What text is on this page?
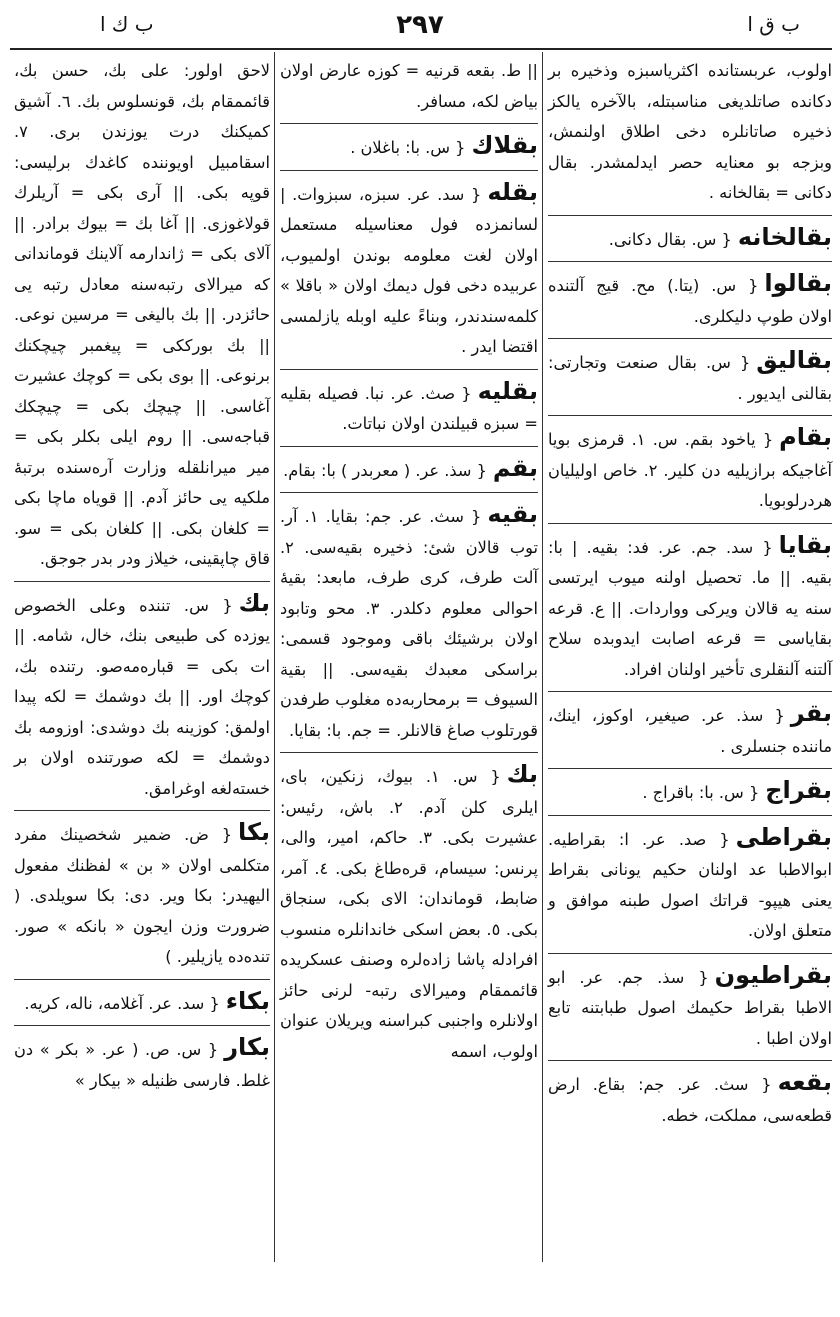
ب ق ا
٢٩٧
ب ك ا
اولوب، عربستانده اكثریاسبزه وذخیره بر دكانده صاتلدیغی مناسبتله، بالآخره یالكز ذخیره صاتانلره دخی اطلاق اولنمش، وبزجه بو معنایه حصر ایدلمشدر. بقال دكانی = بقالخانه .
بقالخانه{ س. بقال دكانی.
بقالوا{ س. (یتا.) مح. قیج آلتنده اولان طوپ دلیكلری.
بقالیق{ س. بقال صنعت وتجارتی: بقالنی ایدیور .
بقام{ یاخود بقم. س. ١. قرمزی بویا آغاجیكه برازیلیه دن كلیر. ٢. خاص اولیلیان هردرلوبویا.
بقایا{ سد. جم. عر. فد: بقیه. | با: بقیه. || ما. تحصیل اولنه میوب ایرتسی سنه یه قالان ویركی وواردات. || ع. قرعه بقایاسی = قرعه اصابت ایدوبده سلاح آلتنه آلنقلری تأخیر اولنان افراد.
بقر{ سذ. عر. صیغیر، اوكوز، اینك، ماننده جنسلری .
بقراج{ س. با: باقراج .
بقراطی{ صد. عر. ا: بقراطیه. ابوالاطبا عد اولنان حكیم یونانی بقراط یعنی هیپو- قراتك اصول طبنه موافق و متعلق اولان.
بقراطیون{ سذ. جم. عر. ابو الاطبا بقراط حكیمك اصول طبابتنه تابع اولان اطبا .
بقعه{ سث. عر. جم: بقاع. ارض قطعه‌سی، مملكت، خطه.
|| ط. بقعه قرنیه = كوزه عارض اولان بیاض لكه، مسافر.
بقلاك{ س. با: باغلان .
بقله{ سد. عر. سبزه، سبزوات. | لسانمزده فول معناسیله مستعمل اولان لغت معلومه بوندن اولمیوب، عربیده دخی فول دیمك اولان « باقلا » كلمه‌سندندر، وبناءً علیه اوبله یازلمسی اقتضا ایدر .
بقلیه{ صث. عر. نبا. فصیله بقلیه = سبزه قبیلندن اولان نباتات.
بقم{ سذ. عر. ( معربدر ) با: بقام.
بقیه{ سث. عر. جم: بقایا. ١. آر. توب قالان شیٔ: ذخیره بقیه‌سی. ٢. آلت طرف، كری طرف، مابعد: بقیهٔ احوالی معلوم دكلدر. ٣. محو وتابود اولان برشیئك باقی وموجود قسمی: براسكی معبدك بقیه‌سی. || بقیة السیوف = برمحاربه‌ده مغلوب طرفدن قورتلوب صاغ قالانلر. = جم. با: بقایا.
بك{ س. ١. بیوك، زنكین، بای، ایلری كلن آدم. ٢. باش، رئیس: عشیرت بكی. ٣. حاكم، امیر، والی، پرنس: سیسام، قره‌طاغ بكی. ٤. آمر، ضابط، قوماندان: الای بكی، سنجاق بكی. ٥. بعض اسكی خاندانلره منسوب افرادله پاشا زاده‌لره وصنف عسكریده قائممقام ومیرالای رتبه- لرنی حائز اولانلره واجنبی كبراسنه ویریلان عنوان اولوب، اسمه
لاحق اولور: علی بك، حسن بك، قائممقام بك، قونسلوس بك. ٦. آشیق كمیكنك درت یوزندن بری. ٧. اسقامبیل اویوننده كاغدك برلیسی: قوپه بكی. || آری بكی = آریلرك قولاغوزی. || آغا بك = بیوك برادر. || آلای بكی = ژاندارمه آلاینك قوماندانی كه میرالای رتبه‌سنه معادل رتبه یی حائزدر. || بك بالیغی = مرسین نوعی. || بك بورككی = پیغمبر چیچكنك برنوعی. || بوی بكی = كوچك عشیرت آغاسی. || چیچك بكی = چیچكك قباجه‌سی. || روم ایلی بكلر بكی = میر میرانلقله وزارت آره‌سنده برتبهٔ ملكیه یی حائز آدم. || قویاه ماچا بكی = كلغان بكی. || كلغان بكی = سو. قاق چاپقینی، خیلاز ودر بدر جوجق.
بك{ س. تننده وعلی الخصوص یوزده كی طبیعی بنك، خال، شامه. || ات بكی = قباره‌مه‌صو. رتنده بك، كوچك اور. || بك دوشمك = لكه پیدا اولمق: كوزینه بك دوشدی: اوزومه بك دوشمك = لكه صورتنده اولان بر خسته‌لغه اوغرامق.
بكا{ ض. ضمیر شخصینك مفرد متكلمی اولان « بن » لفظنك مفعول الیهیدر: بكا ویر. دی: بكا سویلدی. ( ضرورت وزن ایجون « بانكه » صور. تنده‌ده یازیلیر. )
بكاء{ سد. عر. آغلامه، ناله، كریه.
بكار{ س. ص. ( عر. « بكر » دن غلط. فارسی ظنیله « بیكار »
